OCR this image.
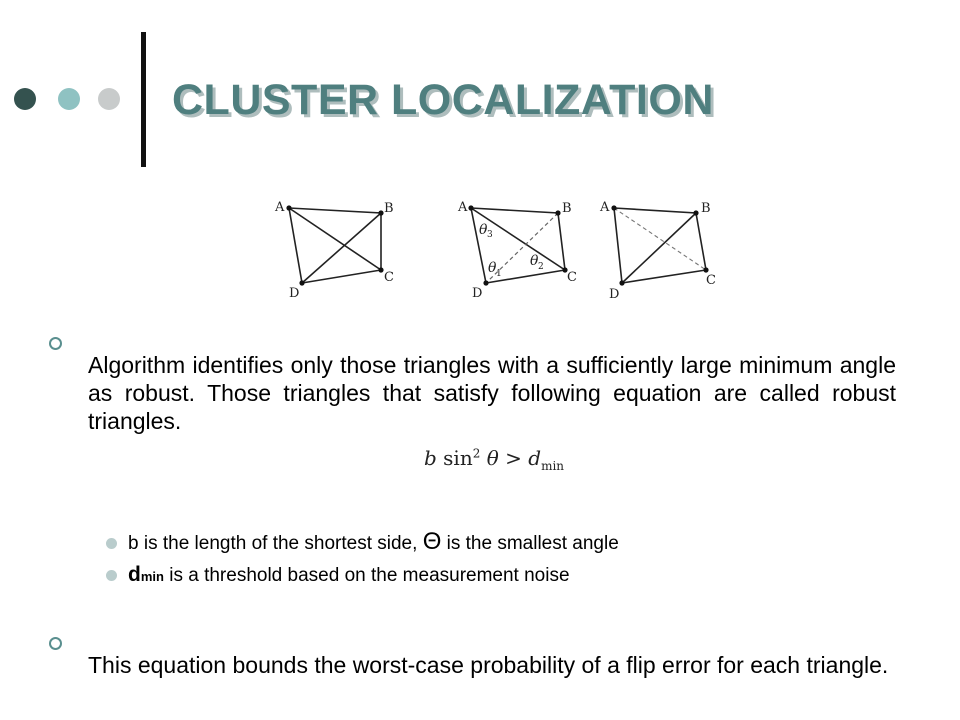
CLUSTER LOCALIZATION
A	B
C
D
A	B
C
D
θ 3
θ 1
θ 2
A	B
C
D

Algorithm identifies only those triangles with a sufficiently large minimum angle as robust. Those triangles that satisfy following equation are called robust triangles.

b $\sin^2 \theta > d_{min}$
b is the length of the shortest side, Θ is the smallest angle
dmin is a threshold based on the measurement noise

This equation bounds the worst-case probability of a flip error for each triangle.
